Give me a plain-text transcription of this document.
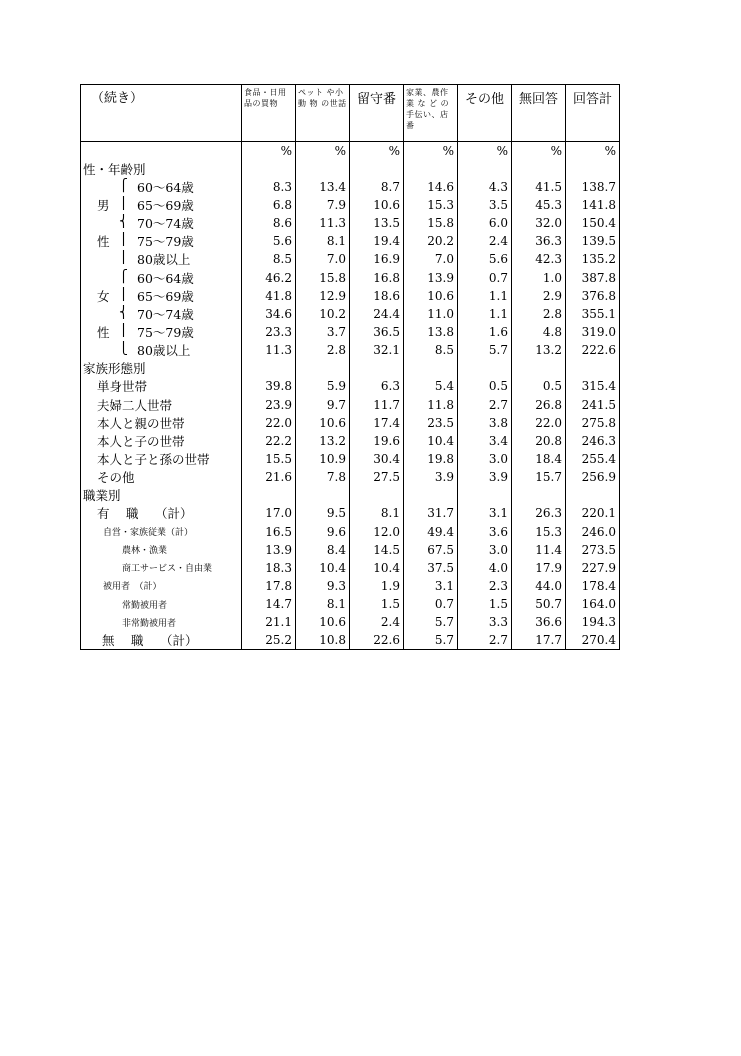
（続き）	食品・日用品の買物	ペット や小 動 物 の世話	留守番	家業、農作業 な ど の手伝い、店番	その他	無回答	回答計
	%	%	%	%	%	%	%
性・年齢別							

⎧ 60～64歳	8.3	13.4	8.7	14.6	4.3	41.5	138.7

男 ⎪ 65～69歳	6.8	7.9	10.6	15.3	3.5	45.3	141.8

⎨ 70～74歳	8.6	11.3	13.5	15.8	6.0	32.0	150.4

性 ⎪ 75～79歳	5.6	8.1	19.4	20.2	2.4	36.3	139.5

⎪ 80歳以上	8.5	7.0	16.9	7.0	5.6	42.3	135.2

⎧ 60～64歳	46.2	15.8	16.8	13.9	0.7	1.0	387.8

女 ⎪ 65～69歳	41.8	12.9	18.6	10.6	1.1	2.9	376.8

⎨ 70～74歳	34.6	10.2	24.4	11.0	1.1	2.8	355.1

性 ⎪ 75～79歳	23.3	3.7	36.5	13.8	1.6	4.8	319.0

⎩ 80歳以上	11.3	2.8	32.1	8.5	5.7	13.2	222.6
家族形態別							
単身世帯	39.8	5.9	6.3	5.4	0.5	0.5	315.4
夫婦二人世帯	23.9	9.7	11.7	11.8	2.7	26.8	241.5
本人と親の世帯	22.0	10.6	17.4	23.5	3.8	22.0	275.8
本人と子の世帯	22.2	13.2	19.6	10.4	3.4	20.8	246.3
本人と子と孫の世帯	15.5	10.9	30.4	19.8	3.0	18.4	255.4
その他	21.6	7.8	27.5	3.9	3.9	15.7	256.9
職業別							
有　 職　 （計）	17.0	9.5	8.1	31.7	3.1	26.3	220.1
自営・家族従業（計）	16.5	9.6	12.0	49.4	3.6	15.3	246.0
農林・漁業	13.9	8.4	14.5	67.5	3.0	11.4	273.5
商工サービス・自由業	18.3	10.4	10.4	37.5	4.0	17.9	227.9
被用者　（計）	17.8	9.3	1.9	3.1	2.3	44.0	178.4
常勤被用者	14.7	8.1	1.5	0.7	1.5	50.7	164.0
非常勤被用者	21.1	10.6	2.4	5.7	3.3	36.6	194.3
無　 職　 （計）	25.2	10.8	22.6	5.7	2.7	17.7	270.4
